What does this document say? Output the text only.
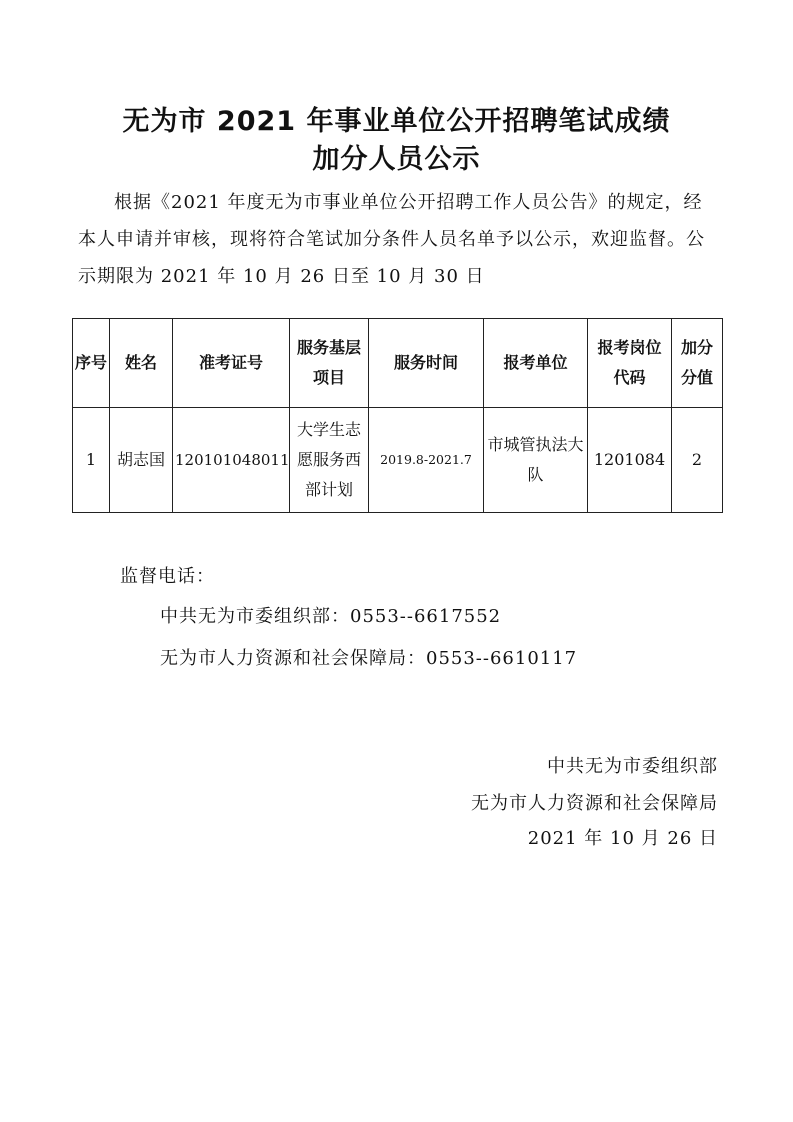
无为市 2021 年事业单位公开招聘笔试成绩
加分人员公示
根据《2021 年度无为市事业单位公开招聘工作人员公告》的规定，经本人申请并审核，现将符合笔试加分条件人员名单予以公示，欢迎监督。公示期限为 2021 年 10 月 26 日至 10 月 30 日
序号	姓名	准考证号	服务基层项目	服务时间	报考单位	报考岗位代码	加分分值
1	胡志国	120101048011	大学生志愿服务西部计划	2019.8-2021.7	市城管执法大队	1201084	2
监督电话：
中共无为市委组织部：0553--6617552
无为市人力资源和社会保障局：0553--6610117
中共无为市委组织部
无为市人力资源和社会保障局
2021 年 10 月 26 日
